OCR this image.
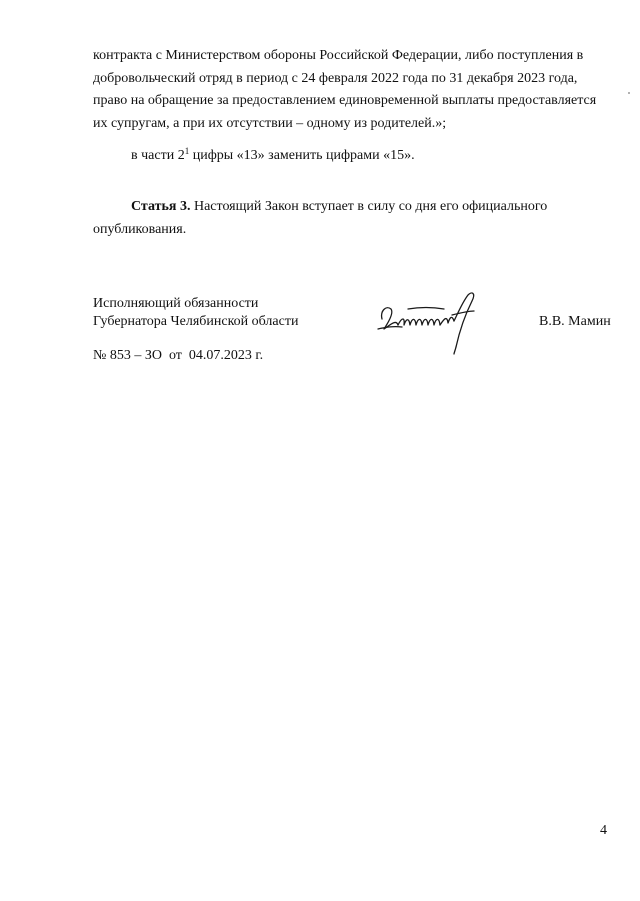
контракта с Министерством обороны Российской Федерации, либо поступления в

добровольческий отряд в период с 24 февраля 2022 года по 31 декабря 2023 года,

право на обращение за предоставлением единовременной выплаты предоставляется

их супругам, а при их отсутствии – одному из родителей.»;

в части $2^1$ цифры «13» заменить цифрами «15».

Статья 3. Настоящий Закон вступает в силу со дня его официального

опубликования.

Исполняющий обязанности
Губернатора Челябинской области	В.В. Мамин
№ 853 – ЗО  от  04.07.2023 г.
4
